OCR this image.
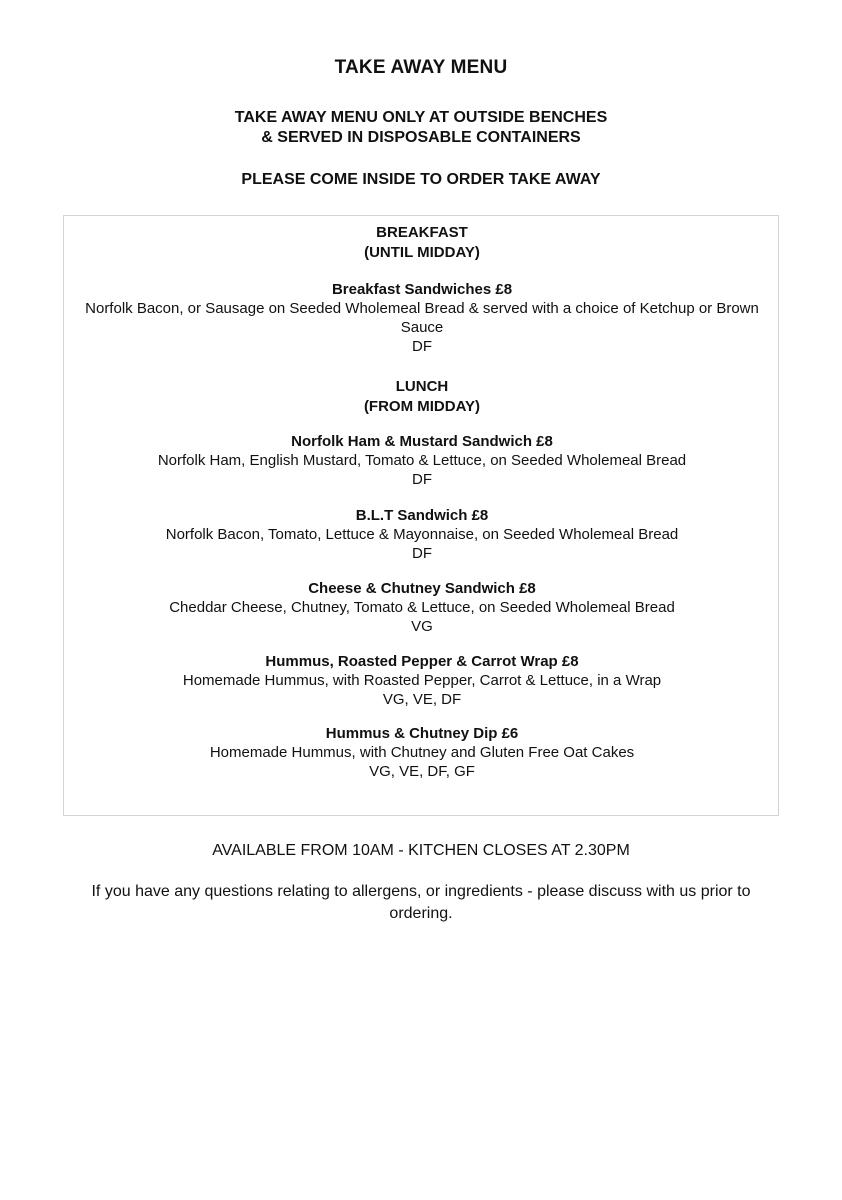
TAKE AWAY MENU
TAKE AWAY MENU ONLY AT OUTSIDE BENCHES
& SERVED IN DISPOSABLE CONTAINERS
PLEASE COME INSIDE TO ORDER TAKE AWAY
BREAKFAST
(UNTIL MIDDAY)
Breakfast Sandwiches £8
Norfolk Bacon, or Sausage on Seeded Wholemeal Bread & served with a choice of Ketchup or Brown Sauce
DF
LUNCH
(FROM MIDDAY)
Norfolk Ham & Mustard Sandwich £8
Norfolk Ham, English Mustard, Tomato & Lettuce, on Seeded Wholemeal Bread
DF
B.L.T Sandwich £8
Norfolk Bacon, Tomato, Lettuce & Mayonnaise, on Seeded Wholemeal Bread
DF
Cheese & Chutney Sandwich £8
Cheddar Cheese, Chutney, Tomato & Lettuce, on Seeded Wholemeal Bread
VG
Hummus, Roasted Pepper & Carrot Wrap £8
Homemade Hummus, with Roasted Pepper, Carrot & Lettuce, in a Wrap
VG, VE, DF
Hummus & Chutney Dip £6
Homemade Hummus, with Chutney and Gluten Free Oat Cakes
VG, VE, DF, GF
AVAILABLE FROM 10AM - KITCHEN CLOSES AT 2.30PM
If you have any questions relating to allergens, or ingredients - please discuss with us prior to ordering.
